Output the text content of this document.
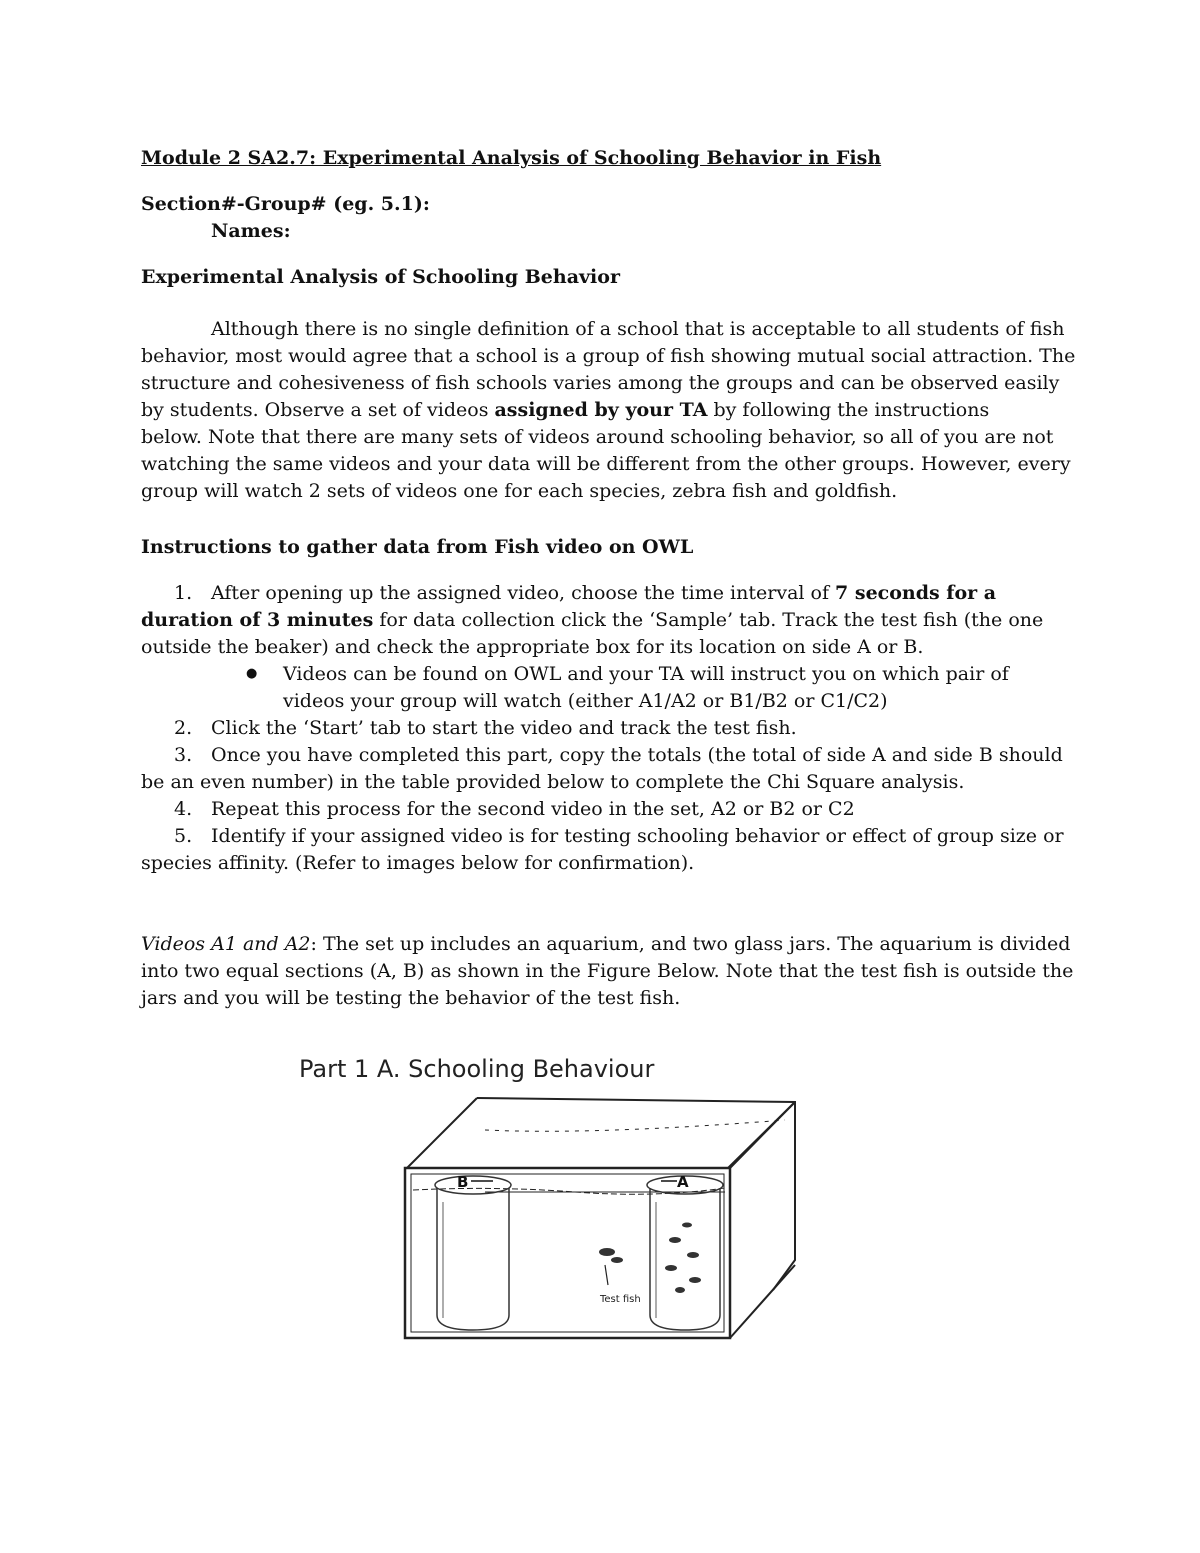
Module 2 SA2.7: Experimental Analysis of Schooling Behavior in Fish
Section#-Group# (eg. 5.1):
Names:
Experimental Analysis of Schooling Behavior
Although there is no single definition of a school that is acceptable to all students of fish
behavior, most would agree that a school is a group of fish showing mutual social attraction. The
structure and cohesiveness of fish schools varies among the groups and can be observed easily
by students. Observe a set of videos assigned by your TA by following the instructions
below. Note that there are many sets of videos around schooling behavior, so all of you are not
watching the same videos and your data will be different from the other groups. However, every
group will watch 2 sets of videos one for each species, zebra fish and goldfish.
Instructions to gather data from Fish video on OWL
1. After opening up the assigned video, choose the time interval of 7 seconds for a
duration of 3 minutes for data collection click the ‘Sample’ tab. Track the test fish (the one
outside the beaker) and check the appropriate box for its location on side A or B.
● Videos can be found on OWL and your TA will instruct you on which pair of
videos your group will watch (either A1/A2 or B1/B2 or C1/C2)
2. Click the ‘Start’ tab to start the video and track the test fish.
3. Once you have completed this part, copy the totals (the total of side A and side B should
be an even number) in the table provided below to complete the Chi Square analysis.
4. Repeat this process for the second video in the set, A2 or B2 or C2
5. Identify if your assigned video is for testing schooling behavior or effect of group size or
species affinity. (Refer to images below for confirmation).
Videos A1 and A2: The set up includes an aquarium, and two glass jars. The aquarium is divided
into two equal sections (A, B) as shown in the Figure Below. Note that the test fish is outside the
jars and you will be testing the behavior of the test fish.
Part 1 A. Schooling Behaviour
B	A
Test fish
